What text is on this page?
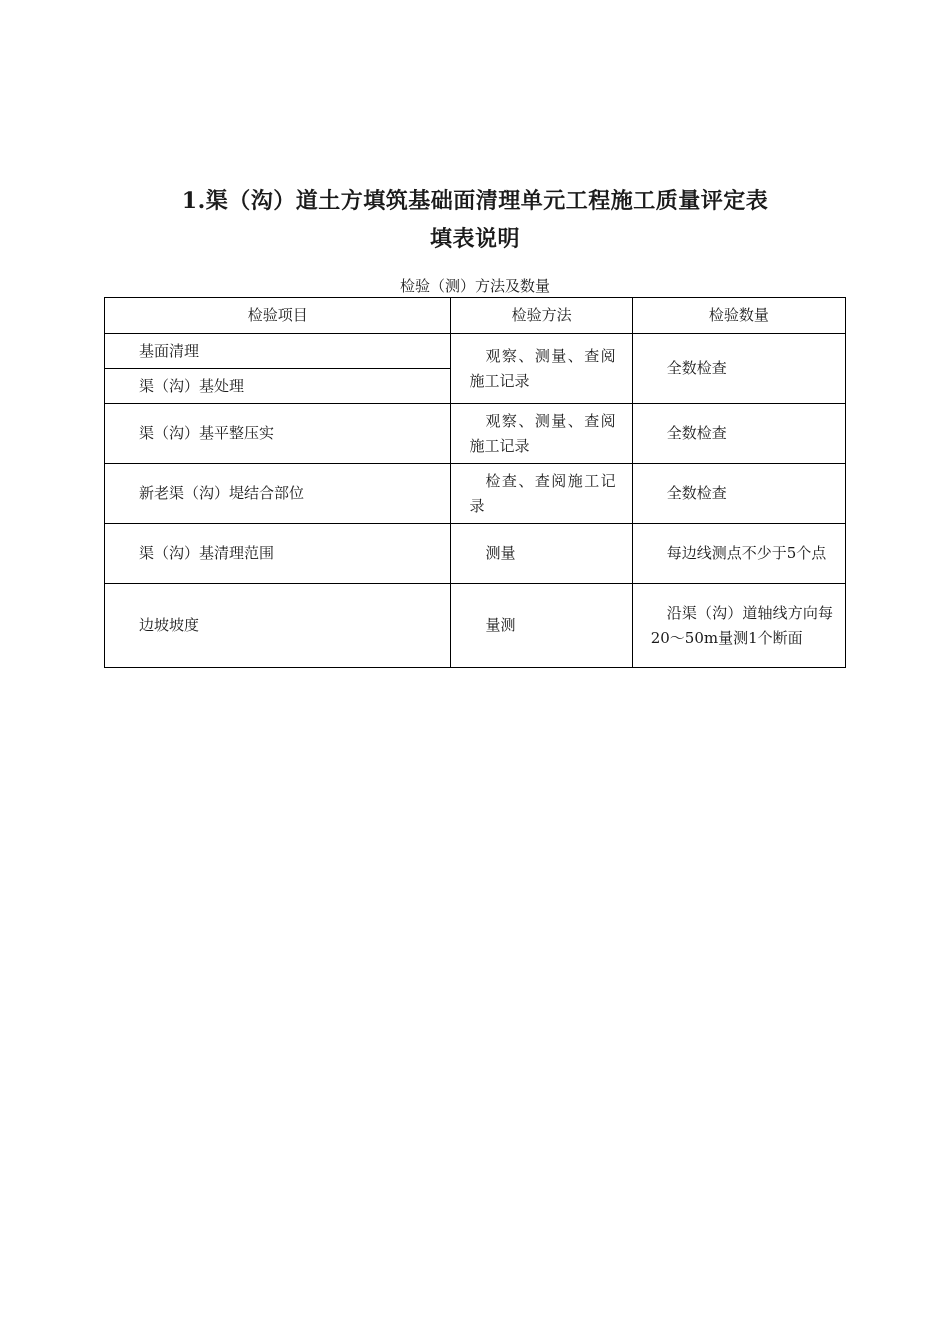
1.渠（沟）道土方填筑基础面清理单元工程施工质量评定表
填表说明
检验（测）方法及数量
检验项目	检验方法	检验数量
基面清理	观察、测量、查阅施工记录	全数检查
渠（沟）基处理		
渠（沟）基平整压实	观察、测量、查阅施工记录	全数检查
新老渠（沟）堤结合部位	检查、查阅施工记录	全数检查
渠（沟）基清理范围	测量	每边线测点不少于5个点
边坡坡度	量测	沿渠（沟）道轴线方向每20～50m量测1个断面
